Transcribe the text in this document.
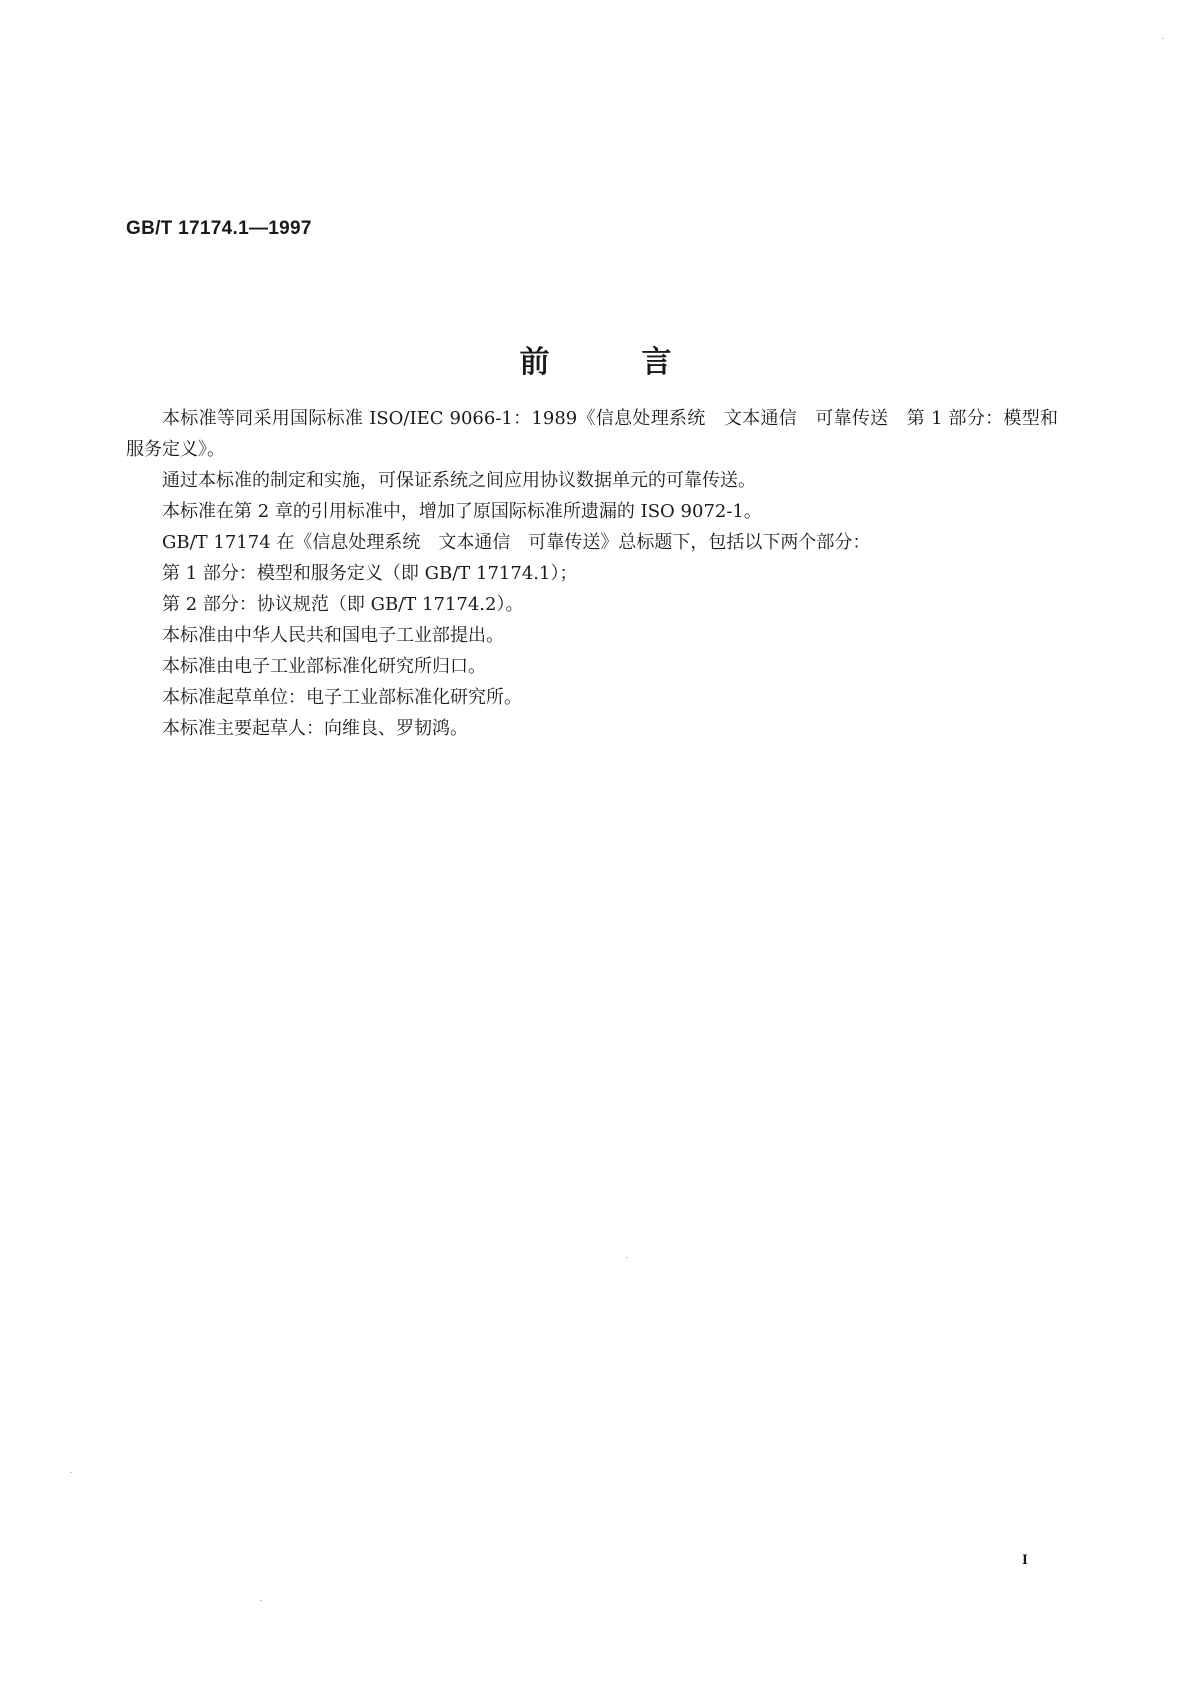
GB/T 17174.1—1997
前	言

本标准等同采用国际标准 ISO/IEC 9066-1：1989《信息处理系统　文本通信　可靠传送　第 1 部分：模型和服务定义》。

通过本标准的制定和实施，可保证系统之间应用协议数据单元的可靠传送。

本标准在第 2 章的引用标准中，增加了原国际标准所遗漏的 ISO 9072-1。

GB/T 17174 在《信息处理系统　文本通信　可靠传送》总标题下，包括以下两个部分：

第 1 部分：模型和服务定义（即 GB/T 17174.1）；

第 2 部分：协议规范（即 GB/T 17174.2）。

本标准由中华人民共和国电子工业部提出。

本标准由电子工业部标准化研究所归口。

本标准起草单位：电子工业部标准化研究所。

本标准主要起草人：向维良、罗韧鸿。

I
